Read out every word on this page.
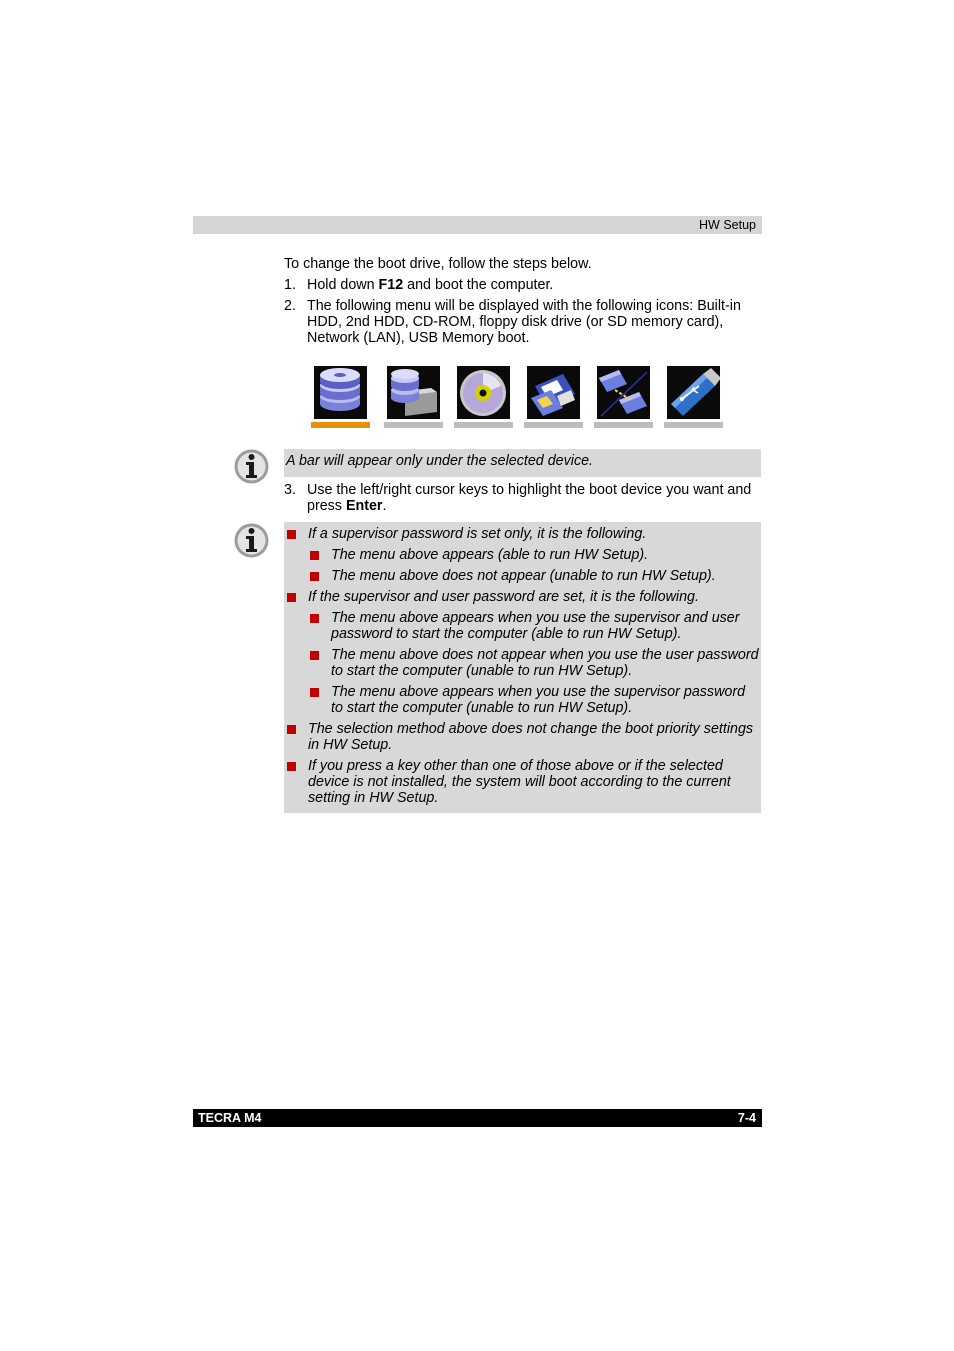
HW Setup

To change the boot drive, follow the steps below.

1. Hold down F12 and boot the computer.
2. The following menu will be displayed with the following icons: Built-in HDD, 2nd HDD, CD-ROM, floppy disk drive (or SD memory card), Network (LAN), USB Memory boot.
A bar will appear only under the selected device.
3. Use the left/right cursor keys to highlight the boot device you want and press Enter.
If a supervisor password is set only, it is the following.
The menu above appears (able to run HW Setup).
The menu above does not appear (unable to run HW Setup).
If the supervisor and user password are set, it is the following.
The menu above appears when you use the supervisor and user password to start the computer (able to run HW Setup).
The menu above does not appear when you use the user password to start the computer (unable to run HW Setup).
The menu above appears when you use the supervisor password to start the computer (unable to run HW Setup).
The selection method above does not change the boot priority settings in HW Setup.
If you press a key other than one of those above or if the selected device is not installed, the system will boot according to the current setting in HW Setup.
TECRA M4	7-4
